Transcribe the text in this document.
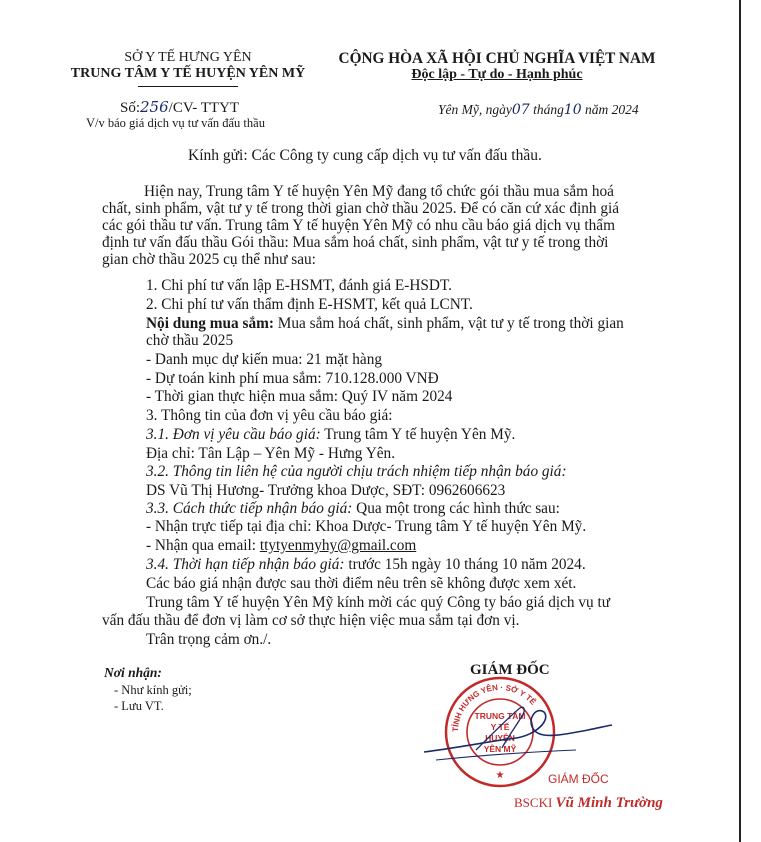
SỞ Y TẾ HƯNG YÊN
TRUNG TÂM Y TẾ HUYỆN YÊN MỸ
CỘNG HÒA XÃ HỘI CHỦ NGHĨA VIỆT NAM
Độc lập - Tự do - Hạnh phúc
Số:256/CV- TTYT
V/v báo giá dịch vụ tư vấn đấu thầu
Yên Mỹ, ngày07 tháng10 năm 2024
Kính gửi: Các Công ty cung cấp dịch vụ tư vấn đấu thầu.
Hiện nay, Trung tâm Y tế huyện Yên Mỹ đang tổ chức gói thầu mua sắm hoá
chất, sinh phẩm, vật tư y tế trong thời gian chờ thầu 2025. Để có căn cứ xác định giá
các gói thầu tư vấn. Trung tâm Y tế huyện Yên Mỹ có nhu cầu báo giá dịch vụ thẩm
định tư vấn đấu thầu Gói thầu: Mua sắm hoá chất, sinh phẩm, vật tư y tế trong thời
gian chờ thầu 2025 cụ thể như sau:
1. Chi phí tư vấn lập E-HSMT, đánh giá E-HSDT.
2. Chi phí tư vấn thẩm định E-HSMT, kết quả LCNT.
Nội dung mua sắm: Mua sắm hoá chất, sinh phẩm, vật tư y tế trong thời gian
chờ thầu 2025
- Danh mục dự kiến mua: 21 mặt hàng
- Dự toán kinh phí mua sắm: 710.128.000 VNĐ
- Thời gian thực hiện mua sắm: Quý IV năm 2024
3. Thông tin của đơn vị yêu cầu báo giá:
3.1. Đơn vị yêu cầu báo giá: Trung tâm Y tế huyện Yên Mỹ.
Địa chỉ: Tân Lập – Yên Mỹ - Hưng Yên.
3.2. Thông tin liên hệ của người chịu trách nhiệm tiếp nhận báo giá:
DS Vũ Thị Hương- Trưởng khoa Dược, SĐT: 0962606623
3.3. Cách thức tiếp nhận báo giá: Qua một trong các hình thức sau:
- Nhận trực tiếp tại địa chỉ: Khoa Dược- Trung tâm Y tế huyện Yên Mỹ.
- Nhận qua email: ttytyenmyhy@gmail.com
3.4. Thời hạn tiếp nhận báo giá: trước 15h ngày 10 tháng 10 năm 2024.
Các báo giá nhận được sau thời điểm nêu trên sẽ không được xem xét.
Trung tâm Y tế huyện Yên Mỹ kính mời các quý Công ty báo giá dịch vụ tư
vấn đấu thầu để đơn vị làm cơ sở thực hiện việc mua sắm tại đơn vị.
Trân trọng cảm ơn./.
Nơi nhận:
- Như kính gửi;
- Lưu VT.
GIÁM ĐỐC
TỈNH HƯNG YÊN · SỞ Y TẾ
TRUNG TÂM
Y TẾ
HUYỆN
YÊN MỸ
★	GIÁM ĐỐC
BSCKI Vũ Minh Trường
